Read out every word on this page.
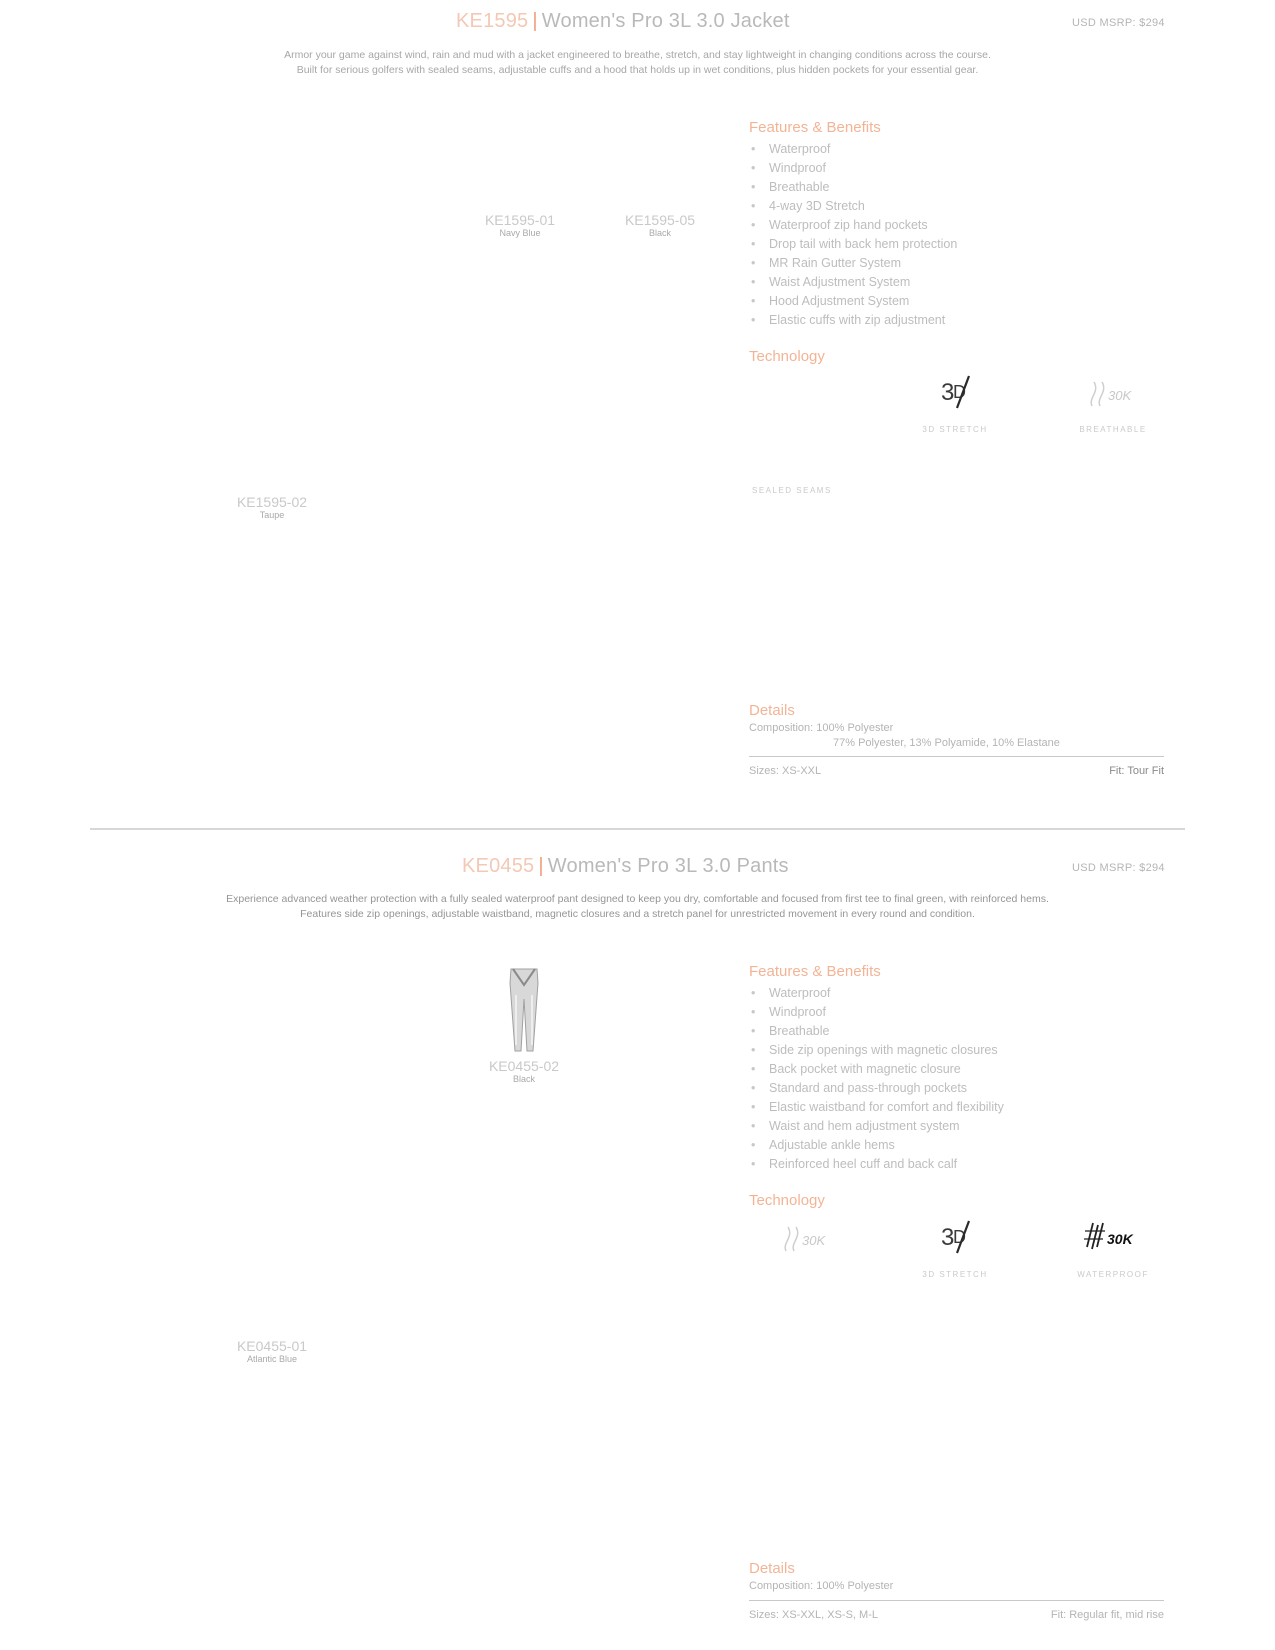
KE1595 | Women's Pro 3L 3.0 Jacket	USD MSRP: $294
Armor your game against wind, rain and mud with a jacket engineered to breathe, stretch, and stay lightweight in changing conditions across the course.
Built for serious golfers with sealed seams, adjustable cuffs and a hood that holds up in wet conditions, plus hidden pockets for your essential gear.
KE1595-01
Navy Blue
KE1595-05
Black
KE1595-02
Taupe
Features & Benefits
• Waterproof
• Windproof
• Breathable
• 4-way 3D Stretch
• Waterproof zip hand pockets
• Drop tail with back hem protection
• MR Rain Gutter System
• Waist Adjustment System
• Hood Adjustment System
• Elastic cuffs with zip adjustment
Technology
3
D
3D STRETCH
30K
BREATHABLE
SEALED SEAMS
Details
Composition: 100% Polyester
77% Polyester, 13% Polyamide, 10% Elastane
Sizes: XS-XXL	Fit: Tour Fit
KE0455 | Women's Pro 3L 3.0 Pants	USD MSRP: $294
Experience advanced weather protection with a fully sealed waterproof pant designed to keep you dry, comfortable and focused from first tee to final green, with reinforced hems.
Features side zip openings, adjustable waistband, magnetic closures and a stretch panel for unrestricted movement in every round and condition.
KE0455-02
Black
KE0455-01
Atlantic Blue
Features & Benefits
• Waterproof
• Windproof
• Breathable
• Side zip openings with magnetic closures
• Back pocket with magnetic closure
• Standard and pass-through pockets
• Elastic waistband for comfort and flexibility
• Waist and hem adjustment system
• Adjustable ankle hems
• Reinforced heel cuff and back calf
Technology
30K
BREATHABLE
3
D
3D STRETCH
30K
WATERPROOF
Details
Composition: 100% Polyester
Sizes: XS-XXL, XS-S, M-L	Fit: Regular fit, mid rise
